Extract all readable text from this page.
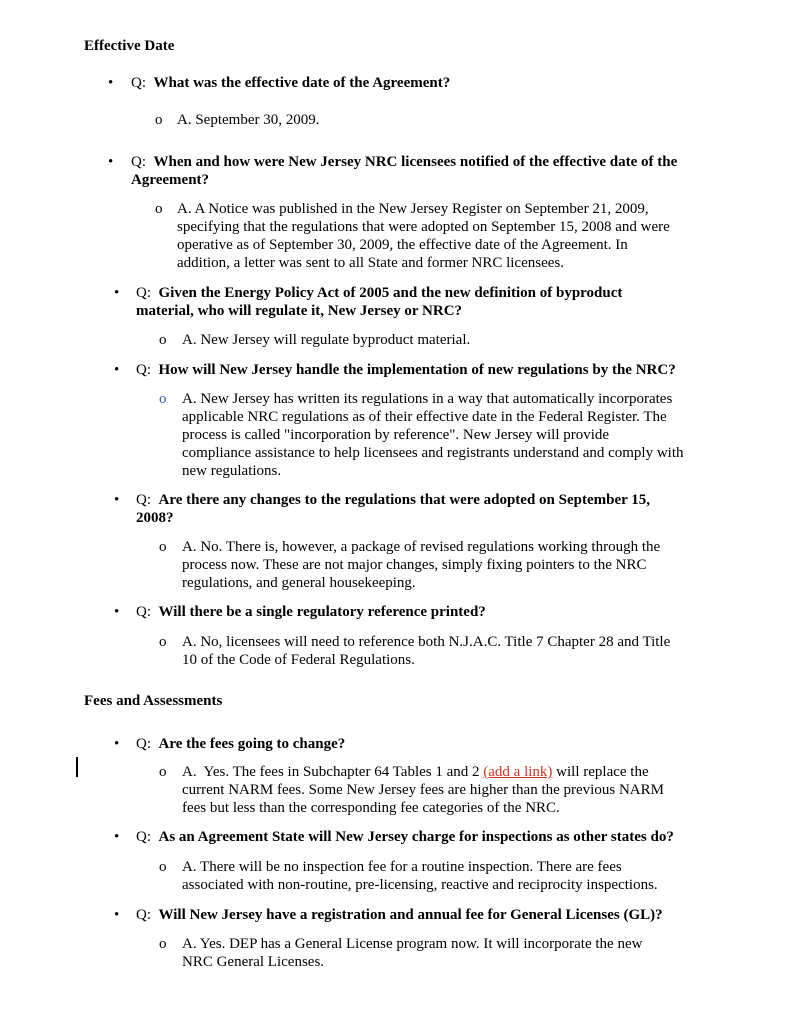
Effective Date
• Q: What was the effective date of the Agreement?
o A. September 30, 2009.
• Q: When and how were New Jersey NRC licensees notified of the effective date of the
Agreement?
o A. A Notice was published in the New Jersey Register on September 21, 2009,
specifying that the regulations that were adopted on September 15, 2008 and were
operative as of September 30, 2009, the effective date of the Agreement. In
addition, a letter was sent to all State and former NRC licensees.
• Q: Given the Energy Policy Act of 2005 and the new definition of byproduct
material, who will regulate it, New Jersey or NRC?
o A. New Jersey will regulate byproduct material.
• Q: How will New Jersey handle the implementation of new regulations by the NRC?
o A. New Jersey has written its regulations in a way that automatically incorporates
applicable NRC regulations as of their effective date in the Federal Register. The
process is called "incorporation by reference". New Jersey will provide
compliance assistance to help licensees and registrants understand and comply with
new regulations.
• Q: Are there any changes to the regulations that were adopted on September 15,
2008?
o A. No. There is, however, a package of revised regulations working through the
process now. These are not major changes, simply fixing pointers to the NRC
regulations, and general housekeeping.
• Q: Will there be a single regulatory reference printed?
o A. No, licensees will need to reference both N.J.A.C. Title 7 Chapter 28 and Title
10 of the Code of Federal Regulations.
Fees and Assessments
• Q: Are the fees going to change?
o A.  Yes. The fees in Subchapter 64 Tables 1 and 2 (add a link) will replace the
current NARM fees. Some New Jersey fees are higher than the previous NARM
fees but less than the corresponding fee categories of the NRC.
• Q: As an Agreement State will New Jersey charge for inspections as other states do?
o A. There will be no inspection fee for a routine inspection. There are fees
associated with non-routine, pre-licensing, reactive and reciprocity inspections.
• Q: Will New Jersey have a registration and annual fee for General Licenses (GL)?
o A. Yes. DEP has a General License program now. It will incorporate the new
NRC General Licenses.
